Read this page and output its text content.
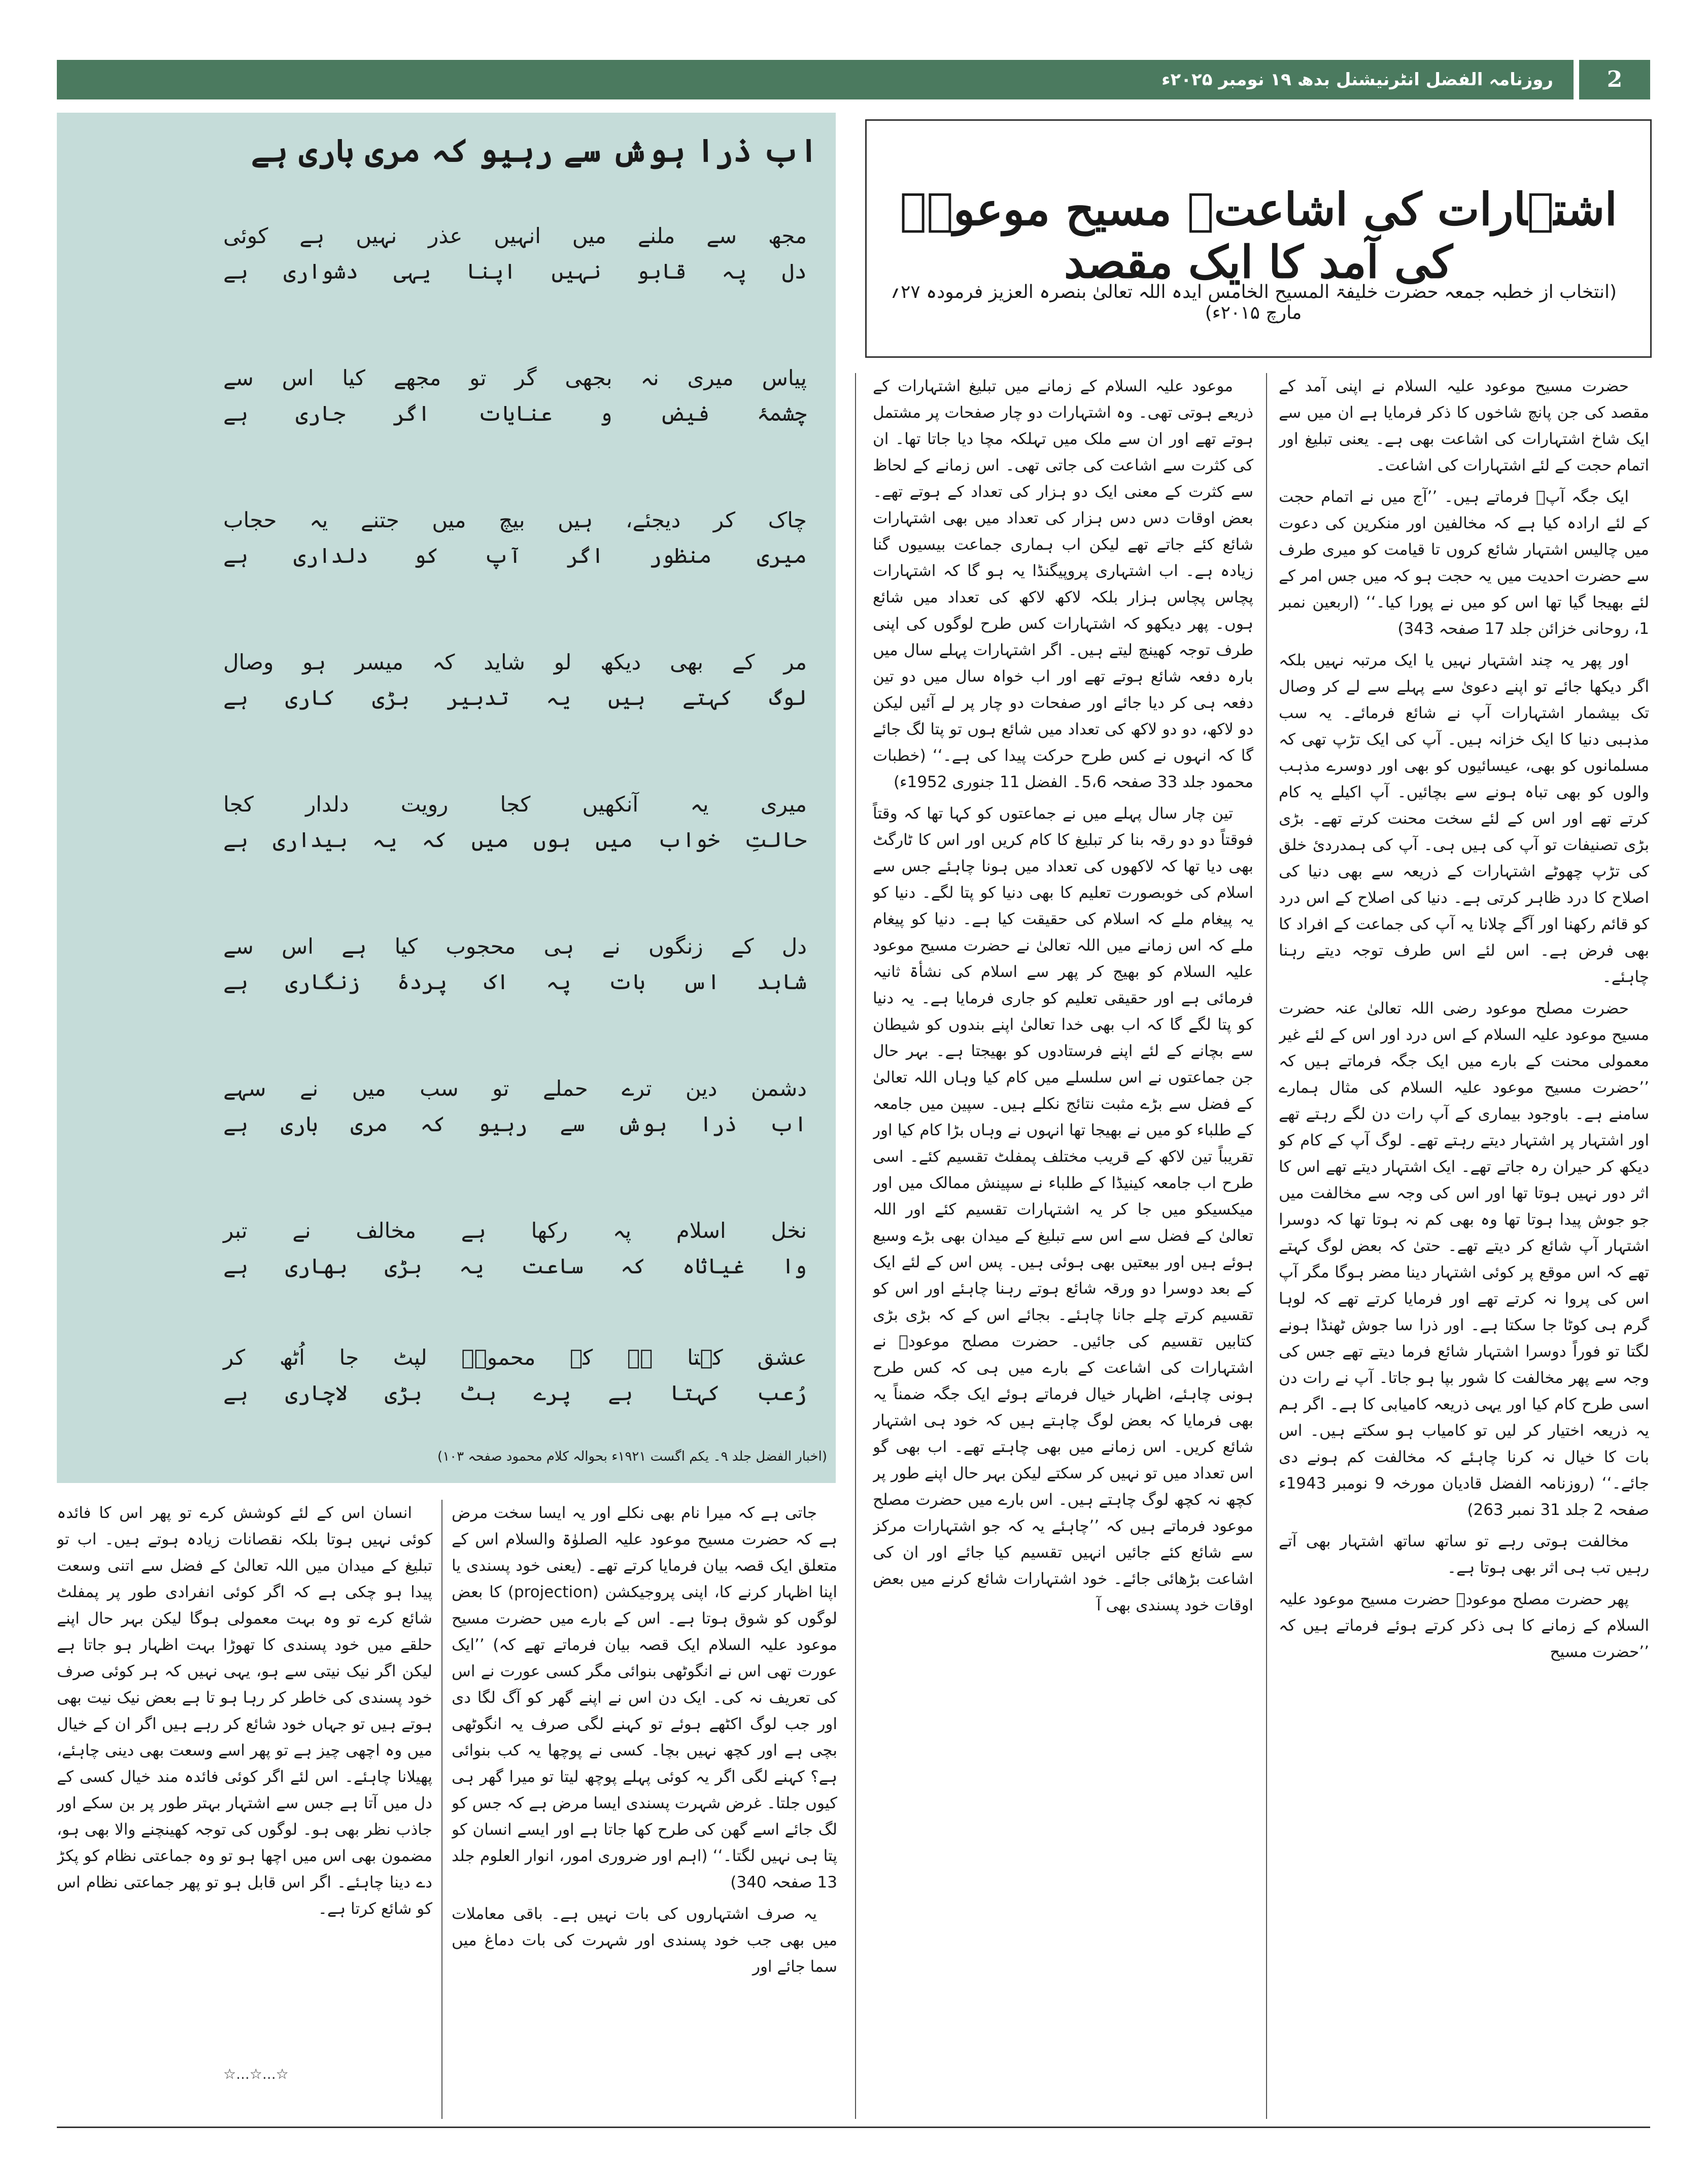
روزنامہ الفضل انٹرنیشنل بدھ ۱۹ نومبر ۲۰۲۵ء	2
اب ذرا ہوش سے رہیو کہ مری باری ہے
مجھ سے ملنے میں انہیں عذر نہیں ہے کوئی
دل پہ قابو نہیں اپنا یہی دشواری ہے
پیاس میری نہ بجھی گر تو مجھے کیا اس سے
چشمۂ فیض و عنایات اگر جاری ہے
چاک کر دیجئے، ہیں بیچ میں جتنے یہ حجاب
میری منظور اگر آپ کو دلداری ہے
مر کے بھی دیکھ لو شاید کہ میسر ہو وصال
لوگ کہتے ہیں یہ تدبیر بڑی کاری ہے
میری یہ آنکھیں کجا رویت دلدار کجا
حالتِ خواب میں ہوں میں کہ یہ بیداری ہے
دل کے زنگوں نے ہی محجوب کیا ہے اس سے
شاہد اس بات پہ اک پردۂ زنگاری ہے
دشمن دین ترے حملے تو سب میں نے سہے
اب ذرا ہوش سے رہیو کہ مری باری ہے
نخل اسلام پہ رکھا ہے مخالف نے تبر
وا غیاثاہ کہ ساعت یہ بڑی بھاری ہے
عشق کہتا ہے کہ محمودؔ لپٹ جا اُٹھ کر
رُعب کہتا ہے پرے ہٹ بڑی لاچاری ہے
(اخبار الفضل جلد ۹۔ یکم اگست ۱۹۲۱ء بحوالہ کلام محمود صفحہ ۱۰۳)
اشتہارات کی اشاعت۔ مسیح موعودؑ کی آمد کا ایک مقصد
(انتخاب از خطبہ جمعہ حضرت خلیفۃ المسیح الخامس ایدہ اللہ تعالیٰ بنصرہ العزیز فرمودہ ۲۷؍ مارچ ۲۰۱۵ء)

حضرت مسیح موعود علیہ السلام نے اپنی آمد کے مقصد کی جن پانچ شاخوں کا ذکر فرمایا ہے ان میں سے ایک شاخ اشتہارات کی اشاعت بھی ہے۔ یعنی تبلیغ اور اتمام حجت کے لئے اشتہارات کی اشاعت۔

ایک جگہ آپؑ فرماتے ہیں۔ ’’آج میں نے اتمام حجت کے لئے ارادہ کیا ہے کہ مخالفین اور منکرین کی دعوت میں چالیس اشتہار شائع کروں تا قیامت کو میری طرف سے حضرت احدیت میں یہ حجت ہو کہ میں جس امر کے لئے بھیجا گیا تھا اس کو میں نے پورا کیا۔‘‘ (اربعین نمبر 1، روحانی خزائن جلد 17 صفحہ 343)

اور پھر یہ چند اشتہار نہیں یا ایک مرتبہ نہیں بلکہ اگر دیکھا جائے تو اپنے دعویٰ سے پہلے سے لے کر وصال تک بیشمار اشتہارات آپ نے شائع فرمائے۔ یہ سب مذہبی دنیا کا ایک خزانہ ہیں۔ آپ کی ایک تڑپ تھی کہ مسلمانوں کو بھی، عیسائیوں کو بھی اور دوسرے مذہب والوں کو بھی تباہ ہونے سے بچائیں۔ آپ اکیلے یہ کام کرتے تھے اور اس کے لئے سخت محنت کرتے تھے۔ بڑی بڑی تصنیفات تو آپ کی ہیں ہی۔ آپ کی ہمدردیٔ خلق کی تڑپ چھوٹے اشتہارات کے ذریعہ سے بھی دنیا کی اصلاح کا درد ظاہر کرتی ہے۔ دنیا کی اصلاح کے اس درد کو قائم رکھنا اور آگے چلانا یہ آپ کی جماعت کے افراد کا بھی فرض ہے۔ اس لئے اس طرف توجہ دیتے رہنا چاہئے۔

حضرت مصلح موعود رضی اللہ تعالیٰ عنہ حضرت مسیح موعود علیہ السلام کے اس درد اور اس کے لئے غیر معمولی محنت کے بارے میں ایک جگہ فرماتے ہیں کہ ’’حضرت مسیح موعود علیہ السلام کی مثال ہمارے سامنے ہے۔ باوجود بیماری کے آپ رات دن لگے رہتے تھے اور اشتہار پر اشتہار دیتے رہتے تھے۔ لوگ آپ کے کام کو دیکھ کر حیران رہ جاتے تھے۔ ایک اشتہار دیتے تھے اس کا اثر دور نہیں ہوتا تھا اور اس کی وجہ سے مخالفت میں جو جوش پیدا ہوتا تھا وہ بھی کم نہ ہوتا تھا کہ دوسرا اشتہار آپ شائع کر دیتے تھے۔ حتیٰ کہ بعض لوگ کہتے تھے کہ اس موقع پر کوئی اشتہار دینا مضر ہوگا مگر آپ اس کی پروا نہ کرتے تھے اور فرمایا کرتے تھے کہ لوہا گرم ہی کوٹا جا سکتا ہے۔ اور ذرا سا جوش ٹھنڈا ہونے لگتا تو فوراً دوسرا اشتہار شائع فرما دیتے تھے جس کی وجہ سے پھر مخالفت کا شور بپا ہو جاتا۔ آپ نے رات دن اسی طرح کام کیا اور یہی ذریعہ کامیابی کا ہے۔ اگر ہم یہ ذریعہ اختیار کر لیں تو کامیاب ہو سکتے ہیں۔ اس بات کا خیال نہ کرنا چاہئے کہ مخالفت کم ہونے دی جائے۔‘‘ (روزنامہ الفضل قادیان مورخہ 9 نومبر 1943ء صفحہ 2 جلد 31 نمبر 263)

مخالفت ہوتی رہے تو ساتھ ساتھ اشتہار بھی آتے رہیں تب ہی اثر بھی ہوتا ہے۔

پھر حضرت مصلح موعودؓ حضرت مسیح موعود علیہ السلام کے زمانے کا ہی ذکر کرتے ہوئے فرماتے ہیں کہ ’’حضرت مسیح

موعود علیہ السلام کے زمانے میں تبلیغ اشتہارات کے ذریعے ہوتی تھی۔ وہ اشتہارات دو چار صفحات پر مشتمل ہوتے تھے اور ان سے ملک میں تہلکہ مچا دیا جاتا تھا۔ ان کی کثرت سے اشاعت کی جاتی تھی۔ اس زمانے کے لحاظ سے کثرت کے معنی ایک دو ہزار کی تعداد کے ہوتے تھے۔ بعض اوقات دس دس ہزار کی تعداد میں بھی اشتہارات شائع کئے جاتے تھے لیکن اب ہماری جماعت بیسیوں گنا زیادہ ہے۔ اب اشتہاری پروپیگنڈا یہ ہو گا کہ اشتہارات پچاس پچاس ہزار بلکہ لاکھ لاکھ کی تعداد میں شائع ہوں۔ پھر دیکھو کہ اشتہارات کس طرح لوگوں کی اپنی طرف توجہ کھینچ لیتے ہیں۔ اگر اشتہارات پہلے سال میں بارہ دفعہ شائع ہوتے تھے اور اب خواہ سال میں دو تین دفعہ ہی کر دیا جائے اور صفحات دو چار پر لے آئیں لیکن دو لاکھ، دو دو لاکھ کی تعداد میں شائع ہوں تو پتا لگ جائے گا کہ انہوں نے کس طرح حرکت پیدا کی ہے۔‘‘ (خطبات محمود جلد 33 صفحہ 5،6۔ الفضل 11 جنوری 1952ء)

تین چار سال پہلے میں نے جماعتوں کو کہا تھا کہ وقتاً فوقتاً دو دو رقہ بنا کر تبلیغ کا کام کریں اور اس کا ٹارگٹ بھی دیا تھا کہ لاکھوں کی تعداد میں ہونا چاہئے جس سے اسلام کی خوبصورت تعلیم کا بھی دنیا کو پتا لگے۔ دنیا کو یہ پیغام ملے کہ اسلام کی حقیقت کیا ہے۔ دنیا کو پیغام ملے کہ اس زمانے میں اللہ تعالیٰ نے حضرت مسیح موعود علیہ السلام کو بھیج کر پھر سے اسلام کی نشأۃ ثانیہ فرمائی ہے اور حقیقی تعلیم کو جاری فرمایا ہے۔ یہ دنیا کو پتا لگے گا کہ اب بھی خدا تعالیٰ اپنے بندوں کو شیطان سے بچانے کے لئے اپنے فرستادوں کو بھیجتا ہے۔ بہر حال جن جماعتوں نے اس سلسلے میں کام کیا وہاں اللہ تعالیٰ کے فضل سے بڑے مثبت نتائج نکلے ہیں۔ سپین میں جامعہ کے طلباء کو میں نے بھیجا تھا انہوں نے وہاں بڑا کام کیا اور تقریباً تین لاکھ کے قریب مختلف پمفلٹ تقسیم کئے۔ اسی طرح اب جامعہ کینیڈا کے طلباء نے سپینش ممالک میں اور میکسیکو میں جا کر یہ اشتہارات تقسیم کئے اور اللہ تعالیٰ کے فضل سے اس سے تبلیغ کے میدان بھی بڑے وسیع ہوئے ہیں اور بیعتیں بھی ہوئی ہیں۔ پس اس کے لئے ایک کے بعد دوسرا دو ورقہ شائع ہوتے رہنا چاہئے اور اس کو تقسیم کرتے چلے جانا چاہئے۔ بجائے اس کے کہ بڑی بڑی کتابیں تقسیم کی جائیں۔ حضرت مصلح موعودؓ نے اشتہارات کی اشاعت کے بارے میں ہی کہ کس طرح ہونی چاہئے، اظہار خیال فرماتے ہوئے ایک جگہ ضمناً یہ بھی فرمایا کہ بعض لوگ چاہتے ہیں کہ خود ہی اشتہار شائع کریں۔ اس زمانے میں بھی چاہتے تھے۔ اب بھی گو اس تعداد میں تو نہیں کر سکتے لیکن بہر حال اپنے طور پر کچھ نہ کچھ لوگ چاہتے ہیں۔ اس بارے میں حضرت مصلح موعود فرماتے ہیں کہ ’’چاہئے یہ کہ جو اشتہارات مرکز سے شائع کئے جائیں انہیں تقسیم کیا جائے اور ان کی اشاعت بڑھائی جائے۔ خود اشتہارات شائع کرنے میں بعض اوقات خود پسندی بھی آ

جاتی ہے کہ میرا نام بھی نکلے اور یہ ایسا سخت مرض ہے کہ حضرت مسیح موعود علیہ الصلوٰۃ والسلام اس کے متعلق ایک قصہ بیان فرمایا کرتے تھے۔ (یعنی خود پسندی یا اپنا اظہار کرنے کا، اپنی پروجیکشن (projection) کا بعض لوگوں کو شوق ہوتا ہے۔ اس کے بارے میں حضرت مسیح موعود علیہ السلام ایک قصہ بیان فرماتے تھے کہ) ’’ایک عورت تھی اس نے انگوٹھی بنوائی مگر کسی عورت نے اس کی تعریف نہ کی۔ ایک دن اس نے اپنے گھر کو آگ لگا دی اور جب لوگ اکٹھے ہوئے تو کہنے لگی صرف یہ انگوٹھی بچی ہے اور کچھ نہیں بچا۔ کسی نے پوچھا یہ کب بنوائی ہے؟ کہنے لگی اگر یہ کوئی پہلے پوچھ لیتا تو میرا گھر ہی کیوں جلتا۔ غرض شہرت پسندی ایسا مرض ہے کہ جس کو لگ جائے اسے گھن کی طرح کھا جاتا ہے اور ایسے انسان کو پتا ہی نہیں لگتا۔‘‘ (اہم اور ضروری امور، انوار العلوم جلد 13 صفحہ 340)

یہ صرف اشتہاروں کی بات نہیں ہے۔ باقی معاملات میں بھی جب خود پسندی اور شہرت کی بات دماغ میں سما جائے اور

انسان اس کے لئے کوشش کرے تو پھر اس کا فائدہ کوئی نہیں ہوتا بلکہ نقصانات زیادہ ہوتے ہیں۔ اب تو تبلیغ کے میدان میں اللہ تعالیٰ کے فضل سے اتنی وسعت پیدا ہو چکی ہے کہ اگر کوئی انفرادی طور پر پمفلٹ شائع کرے تو وہ بہت معمولی ہوگا لیکن بہر حال اپنے حلقے میں خود پسندی کا تھوڑا بہت اظہار ہو جاتا ہے لیکن اگر نیک نیتی سے ہو، یہی نہیں کہ ہر کوئی صرف خود پسندی کی خاطر کر رہا ہو تا ہے بعض نیک نیت بھی ہوتے ہیں تو جہاں خود شائع کر رہے ہیں اگر ان کے خیال میں وہ اچھی چیز ہے تو پھر اسے وسعت بھی دینی چاہئے، پھیلانا چاہئے۔ اس لئے اگر کوئی فائدہ مند خیال کسی کے دل میں آتا ہے جس سے اشتہار بہتر طور پر بن سکے اور جاذب نظر بھی ہو۔ لوگوں کی توجہ کھینچنے والا بھی ہو، مضمون بھی اس میں اچھا ہو تو وہ جماعتی نظام کو پکڑ دے دینا چاہئے۔ اگر اس قابل ہو تو پھر جماعتی نظام اس کو شائع کرتا ہے۔

☆...☆...☆
